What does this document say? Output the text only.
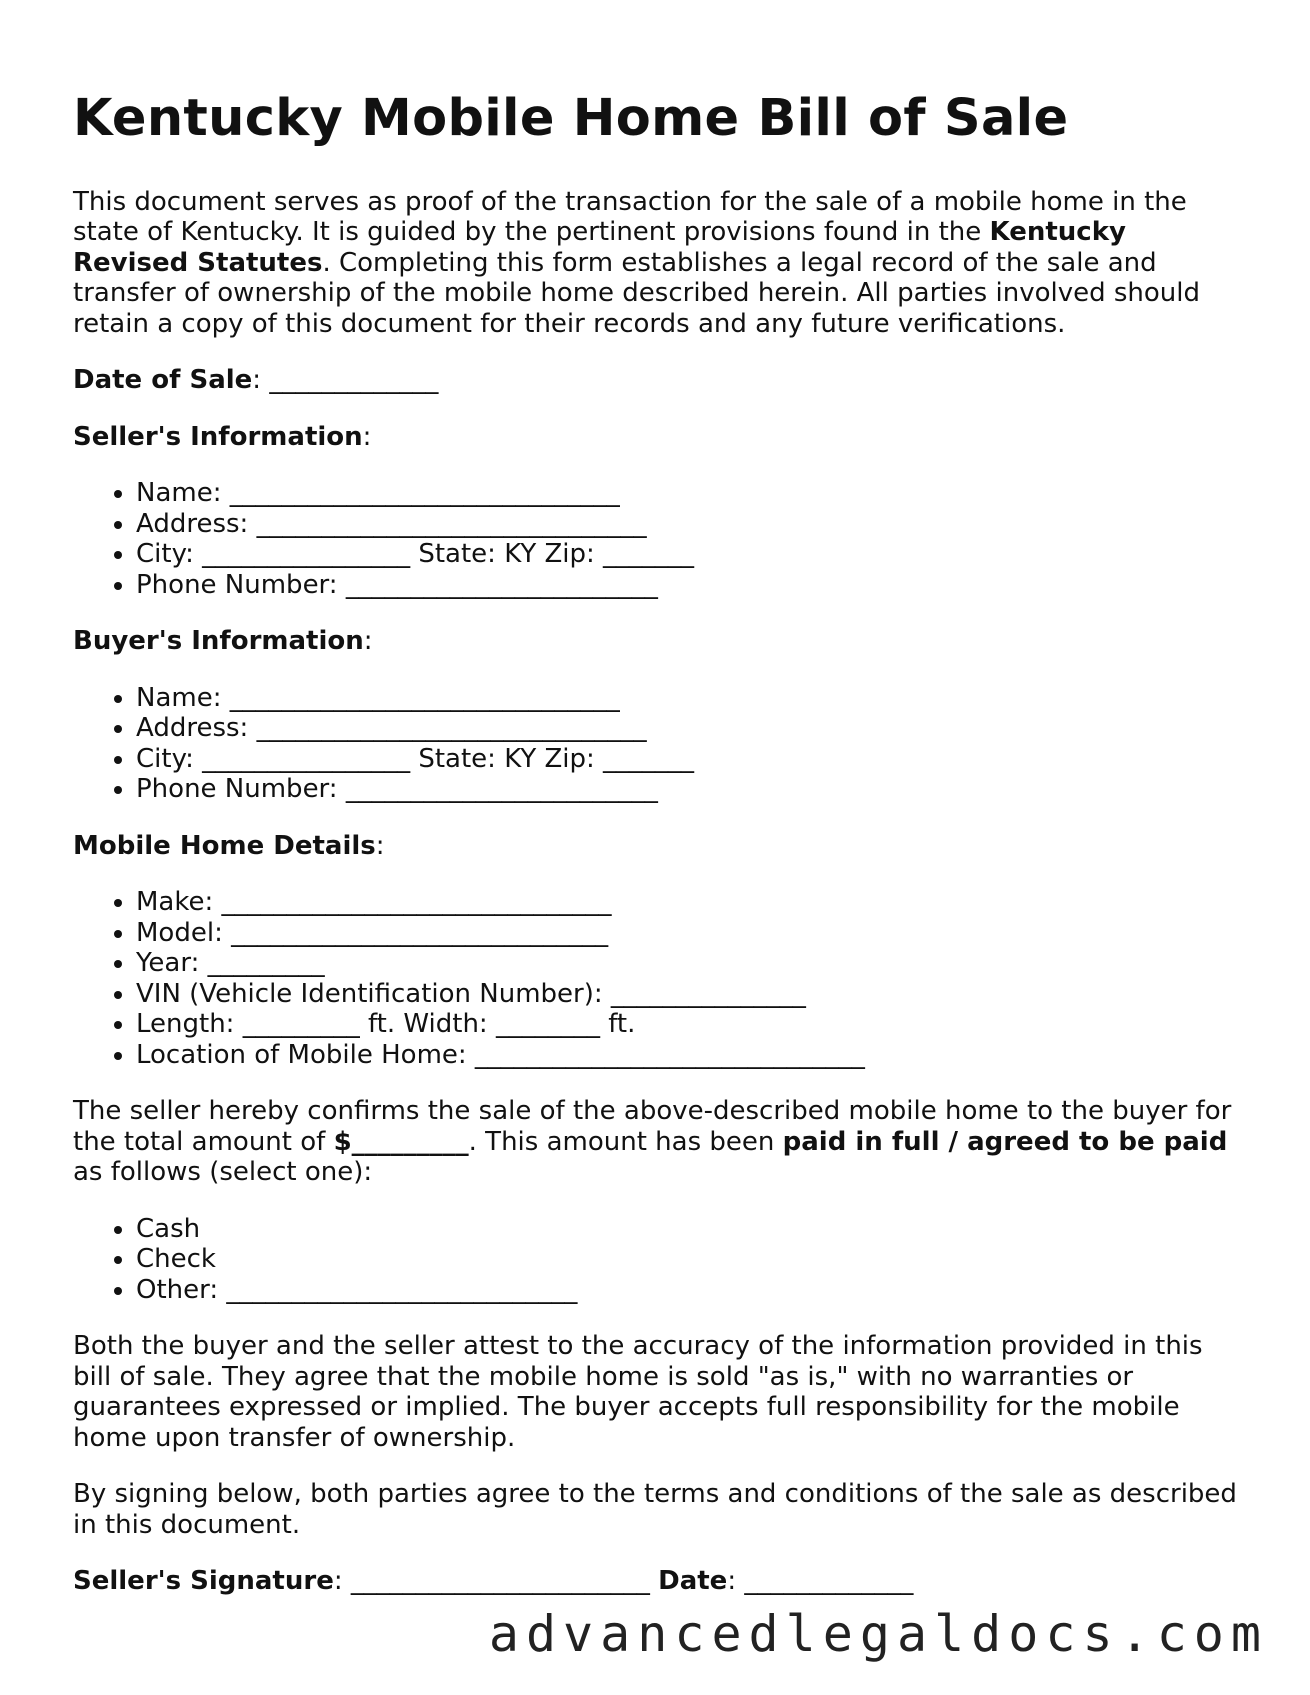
Kentucky Mobile Home Bill of Sale

This document serves as proof of the transaction for the sale of a mobile home in the state of Kentucky. It is guided by the pertinent provisions found in the Kentucky Revised Statutes. Completing this form establishes a legal record of the sale and transfer of ownership of the mobile home described herein. All parties involved should retain a copy of this document for their records and any future verifications.

Date of Sale: _____________
Seller's Information:
• Name: ______________________________
• Address: ______________________________
• City: ________________ State: KY Zip: _______
• Phone Number: ________________________
Buyer's Information:
• Name: ______________________________
• Address: ______________________________
• City: ________________ State: KY Zip: _______
• Phone Number: ________________________
Mobile Home Details:
• Make: ______________________________
• Model: _____________________________
• Year: _________
• VIN (Vehicle Identification Number): _______________
• Length: _________ ft. Width: ________ ft.
• Location of Mobile Home: ______________________________

The seller hereby confirms the sale of the above-described mobile home to the buyer for the total amount of $_________. This amount has been paid in full / agreed to be paid as follows (select one):

• Cash
• Check
• Other: ___________________________

Both the buyer and the seller attest to the accuracy of the information provided in this bill of sale. They agree that the mobile home is sold "as is," with no warranties or guarantees expressed or implied. The buyer accepts full responsibility for the mobile home upon transfer of ownership.

By signing below, both parties agree to the terms and conditions of the sale as described in this document.

Seller's Signature: _______________________ Date: _____________
advancedlegaldocs.com
